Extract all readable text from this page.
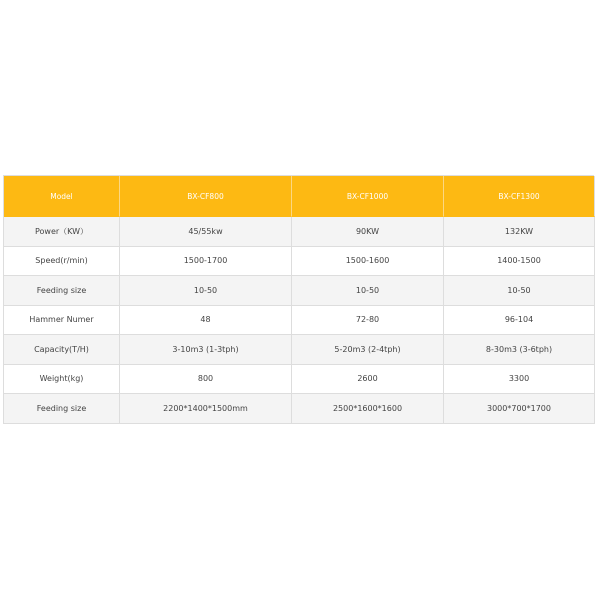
Model	BX-CF800	BX-CF1000	BX-CF1300
Power（KW）	45/55kw	90KW	132KW
Speed(r/min)	1500-1700	1500-1600	1400-1500
Feeding size	10-50	10-50	10-50
Hammer Numer	48	72-80	96-104
Capacity(T/H)	3-10m3 (1-3tph)	5-20m3 (2-4tph)	8-30m3 (3-6tph)
Weight(kg)	800	2600	3300
Feeding size	2200*1400*1500mm	2500*1600*1600	3000*700*1700
